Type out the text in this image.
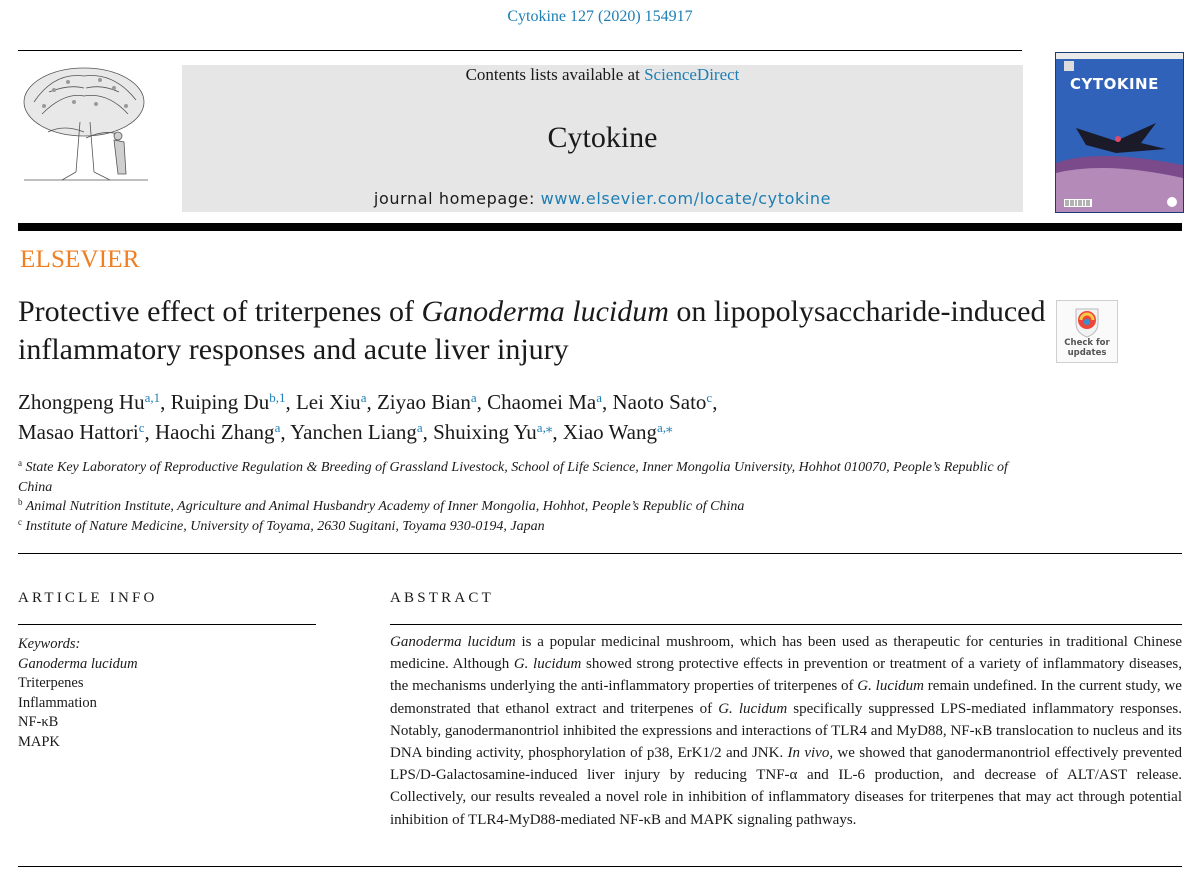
Cytokine 127 (2020) 154917
ELSEVIER
Contents lists available at ScienceDirect
Cytokine
journal homepage: www.elsevier.com/locate/cytokine
CYTOKINE
Protective effect of triterpenes of Ganoderma lucidum on lipopolysaccharide-induced inflammatory responses and acute liver injury	Check for updates
Zhongpeng Hu$^{a,1}$, Ruiping Du$^{b,1}$, Lei Xiu$^a$, Ziyao Bian$^a$, Chaomei Ma$^a$, Naoto Sato$^c$,
Masao Hattori$^c$, Haochi Zhang$^a$, Yanchen Liang$^a$, Shuixing $Yu^{a,⁎}$, Xiao Wang$^{a,⁎}$

$^a$ State Key Laboratory of Reproductive Regulation & Breeding of Grassland Livestock, School of Life Science, Inner Mongolia University, Hohhot 010070, People’s Republic of China

$^b$ Animal Nutrition Institute, Agriculture and Animal Husbandry Academy of Inner Mongolia, Hohhot, People’s Republic of China

$^c$ Institute of Nature Medicine, University of Toyama, 2630 Sugitani, Toyama 930-0194, Japan

ARTICLE INFO	ABSTRACT
Keywords:
Ganoderma lucidum
Triterpenes
Inflammation
NF-κB
MAPK

Ganoderma lucidum is a popular medicinal mushroom, which has been used as therapeutic for centuries in traditional Chinese medicine. Although G. lucidum showed strong protective effects in prevention or treatment of a variety of inflammatory diseases, the mechanisms underlying the anti-inflammatory properties of triterpenes of G. lucidum remain undefined. In the current study, we demonstrated that ethanol extract and triterpenes of G. lucidum specifically suppressed LPS-mediated inflammatory responses. Notably, ganodermanontriol inhibited the expressions and interactions of TLR4 and MyD88, NF-κB translocation to nucleus and its DNA binding activity, phosphorylation of p38, ErK1/2 and JNK. In vivo, we showed that ganodermanontriol effectively prevented LPS/D-Galactosamine-induced liver injury by reducing TNF-α and IL-6 production, and decrease of ALT/AST release. Collectively, our results revealed a novel role in inhibition of inflammatory diseases for triterpenes that may act through potential inhibition of TLR4-MyD88-mediated NF-κB and MAPK signaling pathways.
